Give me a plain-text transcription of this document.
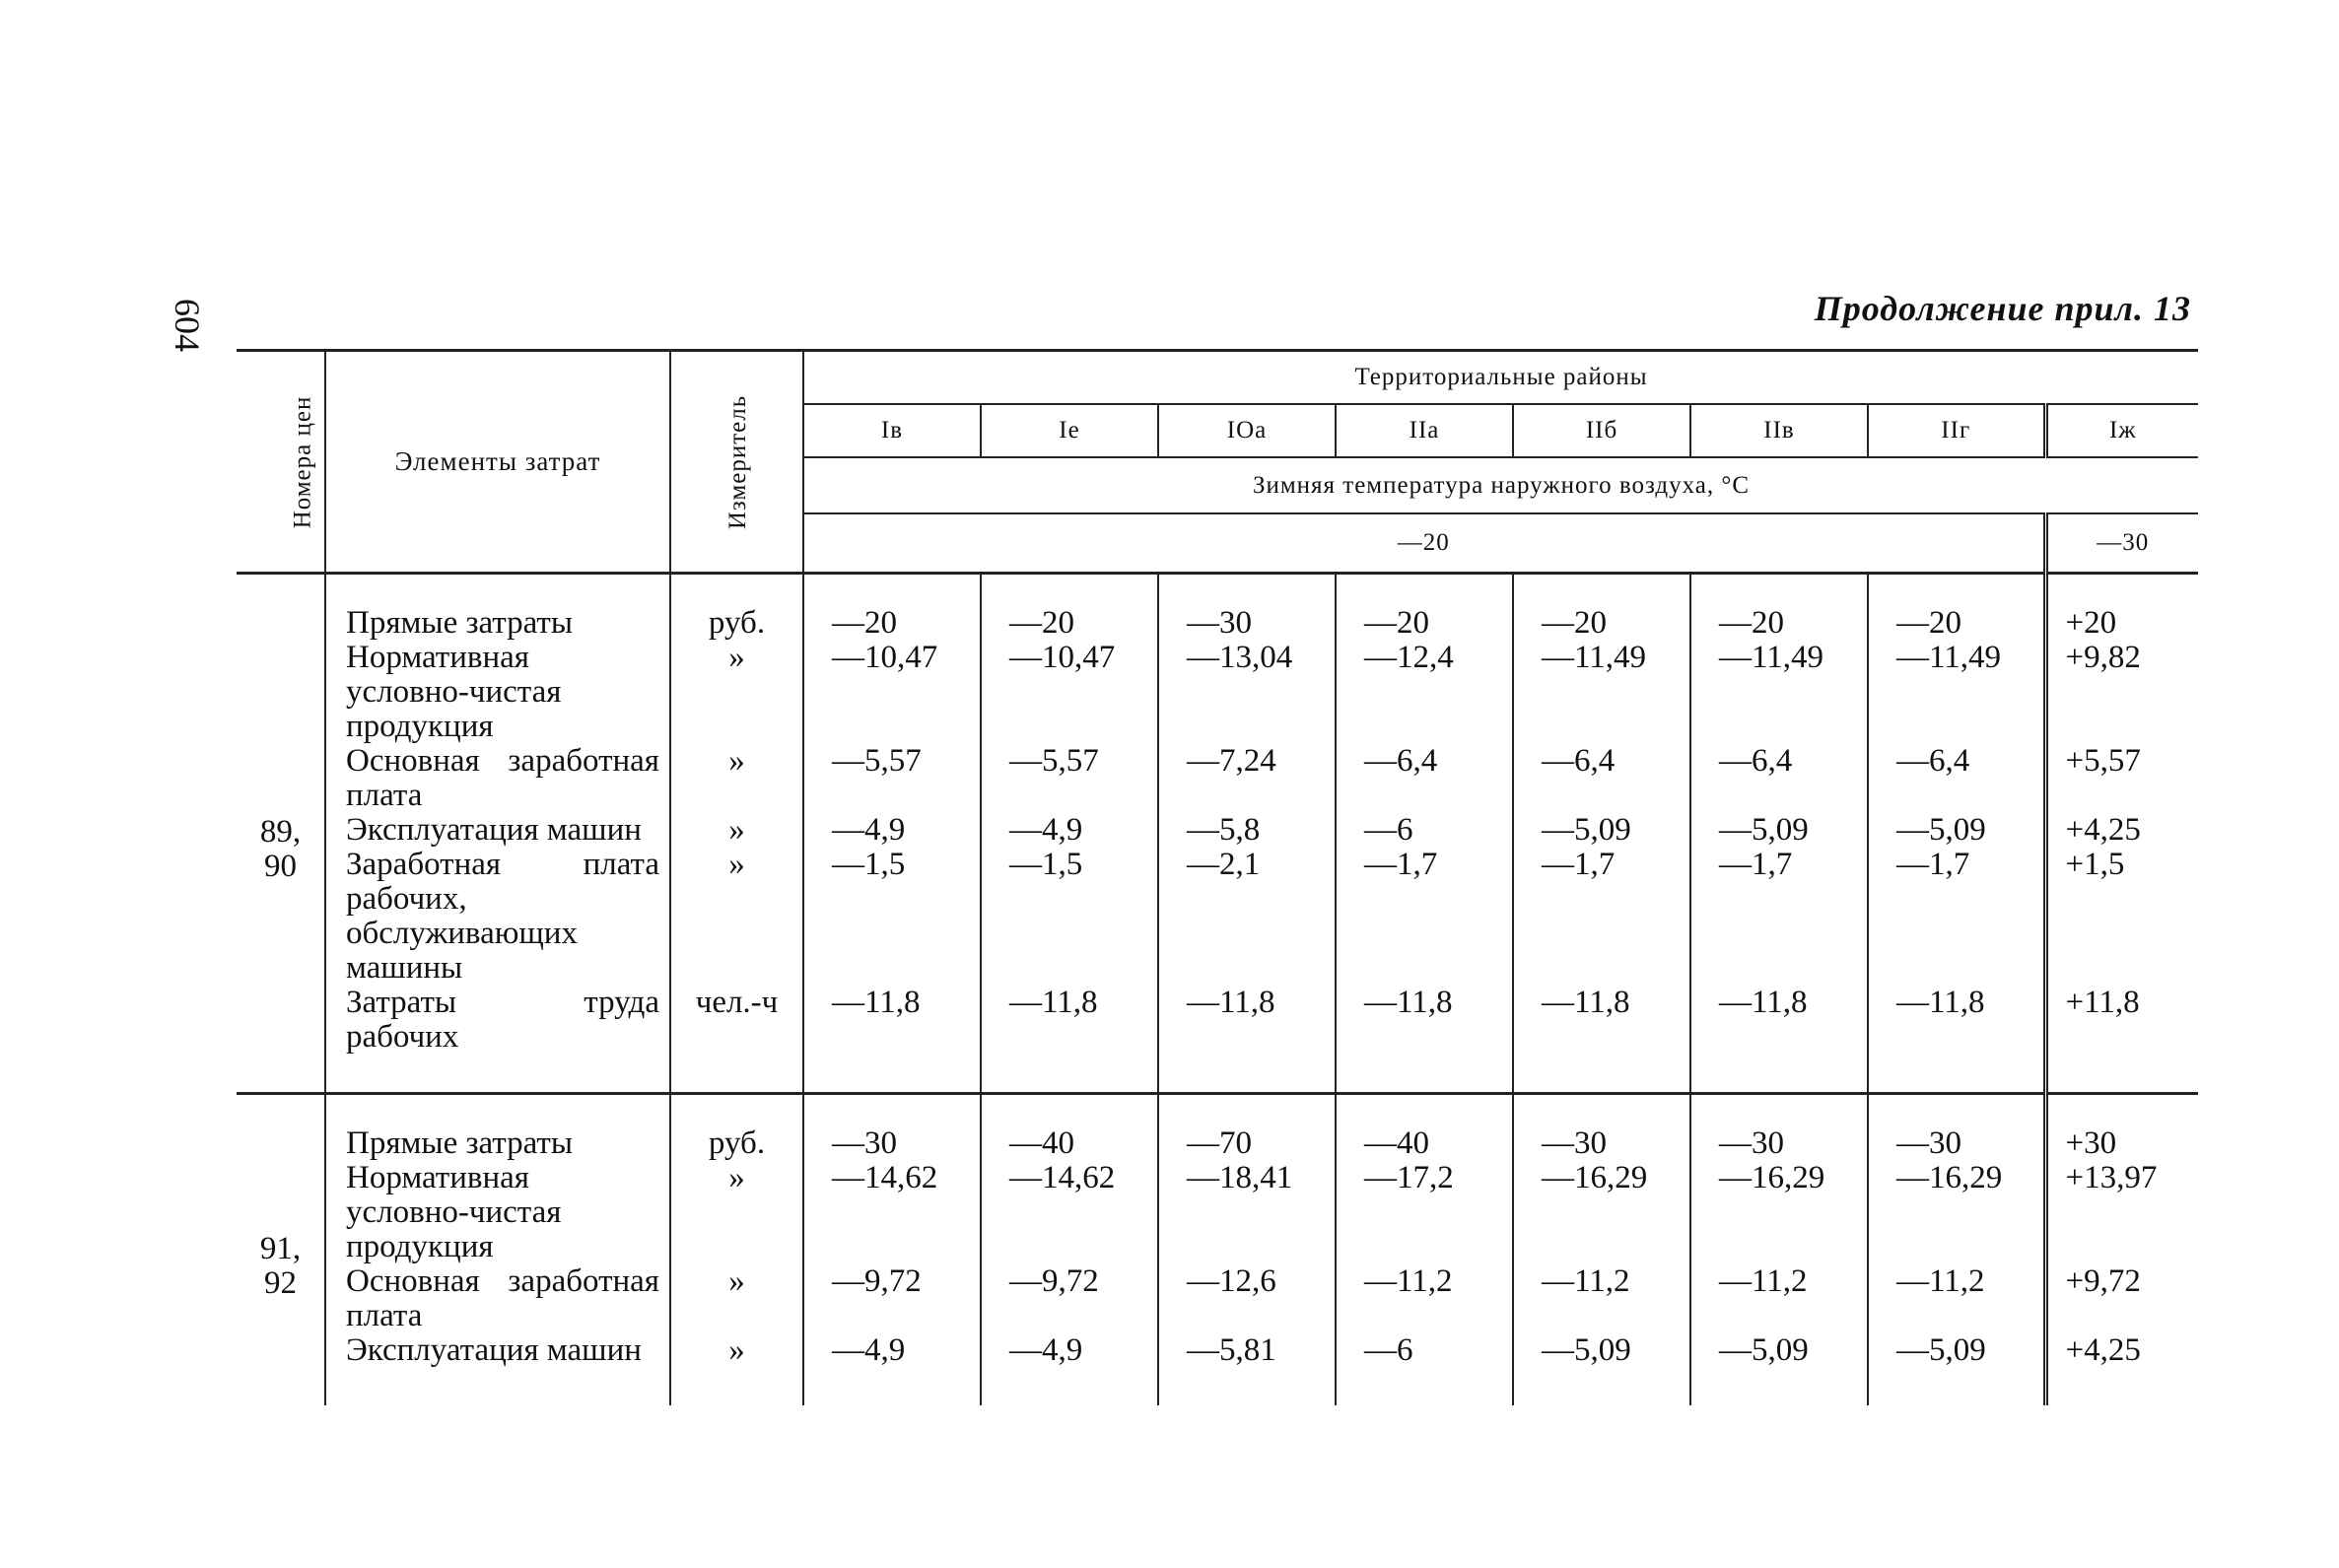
604	Продолжение прил. 13
Номера цен	Элементы затрат	Измеритель	Территориальные районы							
			Iв	Iе	IOа	IIа	IIб	IIв	IIг	Iж
			Зимняя температура наружного воздуха, °С							
			—20							—30
89,
90	Прямые затраты	руб.	—20	—20	—30	—20	—20	—20	—20	+20
	Нормативная условно-чистая продукция	»	—10,47	—10,47	—13,04	—12,4	—11,49	—11,49	—11,49	+9,82
	Основная заработная плата	»	—5,57	—5,57	—7,24	—6,4	—6,4	—6,4	—6,4	+5,57
	Эксплуатация машин	»	—4,9	—4,9	—5,8	—6	—5,09	—5,09	—5,09	+4,25
	Заработная плата рабочих, обслуживающих машины	»	—1,5	—1,5	—2,1	—1,7	—1,7	—1,7	—1,7	+1,5
	Затраты труда рабочих	чел.-ч	—11,8	—11,8	—11,8	—11,8	—11,8	—11,8	—11,8	+11,8
91,
92	Прямые затраты	руб.	—30	—40	—70	—40	—30	—30	—30	+30
	Нормативная условно-чистая продукция	»	—14,62	—14,62	—18,41	—17,2	—16,29	—16,29	—16,29	+13,97
	Основная заработная плата	»	—9,72	—9,72	—12,6	—11,2	—11,2	—11,2	—11,2	+9,72
	Эксплуатация машин	»	—4,9	—4,9	—5,81	—6	—5,09	—5,09	—5,09	+4,25
